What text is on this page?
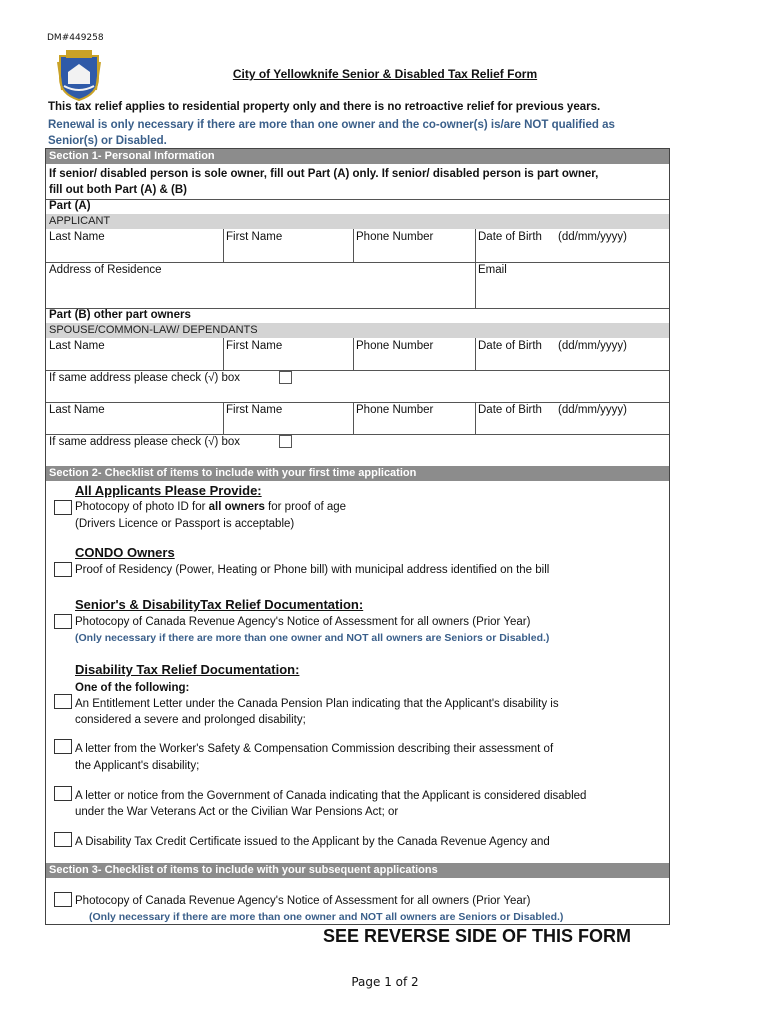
DM#449258
City of Yellowknife Senior & Disabled Tax Relief Form
This tax relief applies to residential property only and there is no retroactive relief for previous years.
Renewal is only necessary if there are more than one owner and the co-owner(s) is/are NOT qualified as Senior(s) or Disabled.
Section 1- Personal Information
If senior/ disabled person is sole owner, fill out Part (A) only. If senior/ disabled person is part owner, fill out both Part (A) & (B)
Part (A)
APPLICANT
Last Name	First Name	Phone Number	Date of Birth (dd/mm/yyyy)
Address of Residence	Email
Part (B) other part owners
SPOUSE/COMMON-LAW/ DEPENDANTS
Last Name	First Name	Phone Number	Date of Birth (dd/mm/yyyy)
If same address please check (√) box
Last Name	First Name	Phone Number	Date of Birth (dd/mm/yyyy)
If same address please check (√) box
Section 2- Checklist of items to include with your first time application
All Applicants Please Provide:
Photocopy of photo ID for all owners for proof of age
(Drivers Licence or Passport is acceptable)
CONDO Owners
Proof of Residency (Power, Heating or Phone bill) with municipal address identified on the bill
Senior's & DisabilityTax Relief Documentation:
Photocopy of Canada Revenue Agency's Notice of Assessment for all owners (Prior Year)
(Only necessary if there are more than one owner and NOT all owners are Seniors or Disabled.)
Disability Tax Relief Documentation:
One of the following:
An Entitlement Letter under the Canada Pension Plan indicating that the Applicant's disability is
considered a severe and prolonged disability;
A letter from the Worker's Safety & Compensation Commission describing their assessment of
the Applicant's disability;
A letter or notice from the Government of Canada indicating that the Applicant is considered disabled
under the War Veterans Act or the Civilian War Pensions Act; or
A Disability Tax Credit Certificate issued to the Applicant by the Canada Revenue Agency and
Section 3- Checklist of items to include with your subsequent applications
Photocopy of Canada Revenue Agency's Notice of Assessment for all owners (Prior Year)
(Only necessary if there are more than one owner and NOT all owners are Seniors or Disabled.)
SEE REVERSE SIDE OF THIS FORM
Page 1 of 2
